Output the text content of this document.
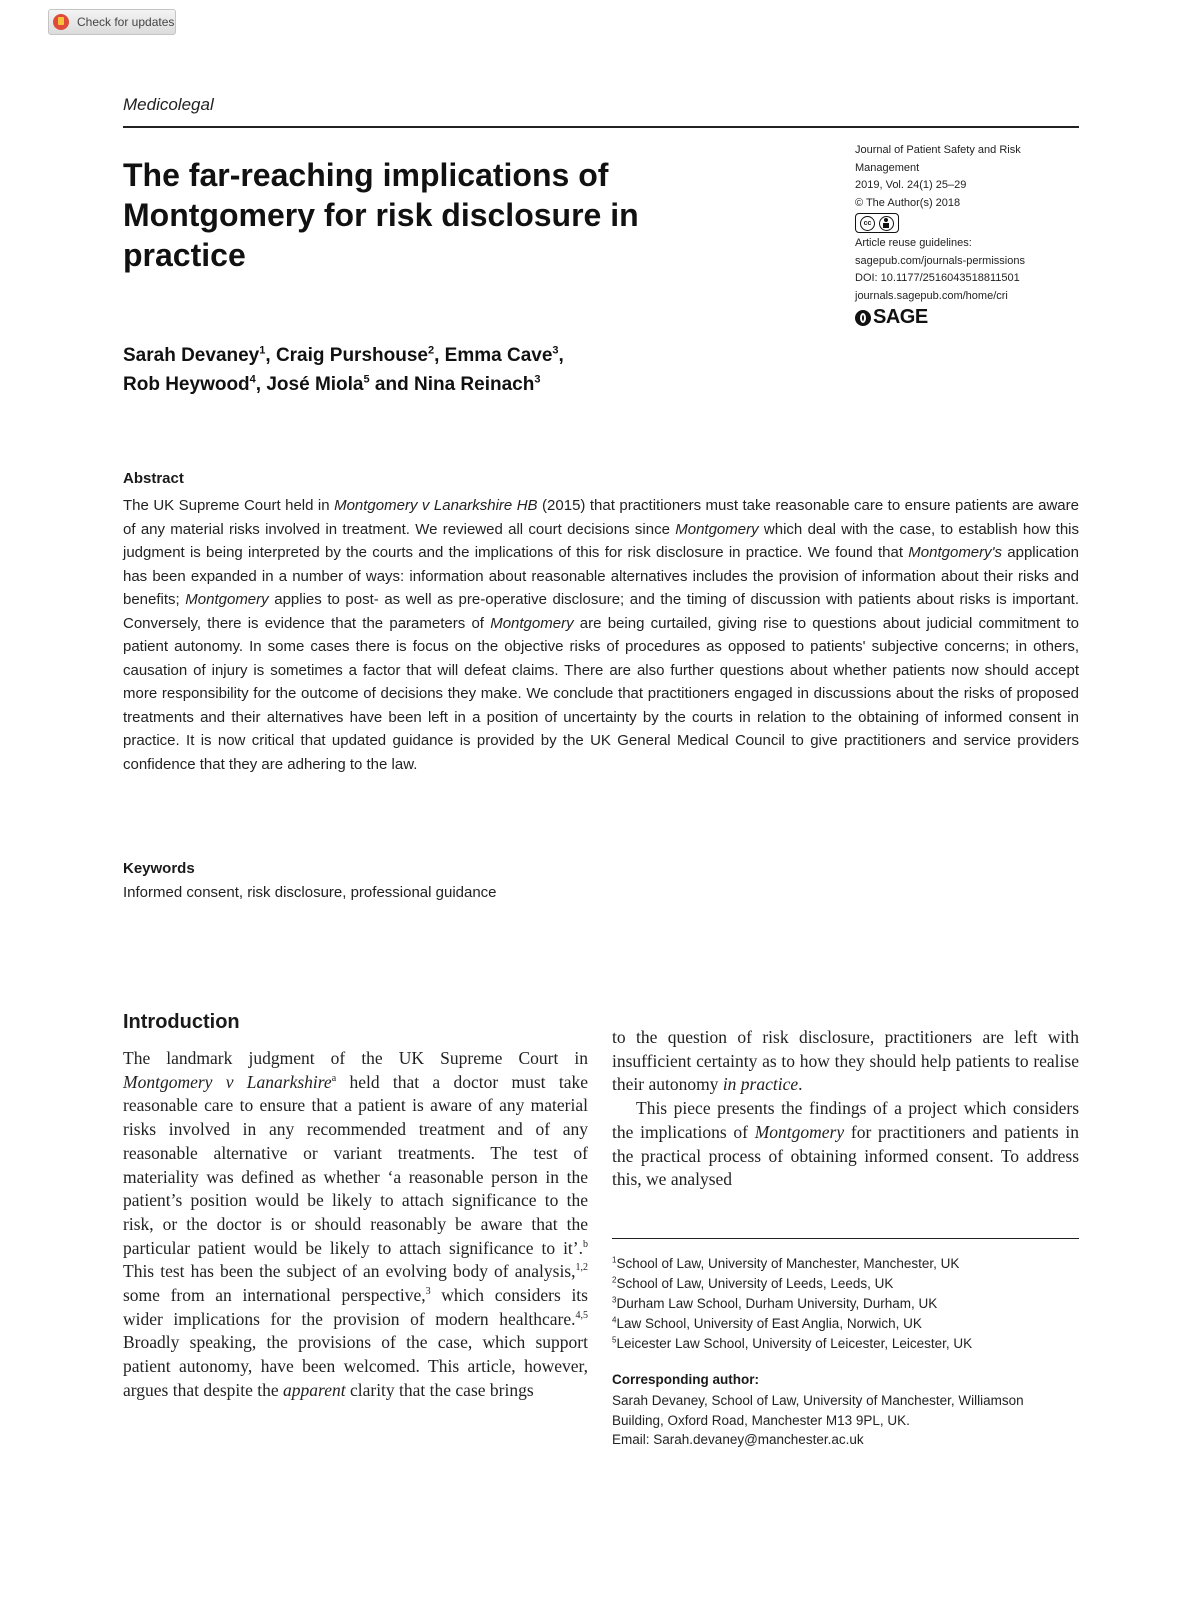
Check for updates
Medicolegal
The far-reaching implications of Montgomery for risk disclosure in practice
Journal of Patient Safety and Risk
Management
2019, Vol. 24(1) 25–29
© The Author(s) 2018
cc
Article reuse guidelines:
sagepub.com/journals-permissions
DOI: 10.1177/2516043518811501
journals.sagepub.com/home/cri
SAGE
Sarah Devaney$^1$, Craig Purshouse$^2$, Emma Cave$^3$,
Rob Heywood$^4$, José Miola$^5$ and Nina Reinach$^3$
Abstract
The UK Supreme Court held in Montgomery v Lanarkshire HB (2015) that practitioners must take reasonable care to ensure patients are aware of any material risks involved in treatment. We reviewed all court decisions since Montgomery which deal with the case, to establish how this judgment is being interpreted by the courts and the implications of this for risk disclosure in practice. We found that Montgomery's application has been expanded in a number of ways: information about reasonable alternatives includes the provision of information about their risks and benefits; Montgomery applies to post- as well as pre-operative disclosure; and the timing of discussion with patients about risks is important. Conversely, there is evidence that the parameters of Montgomery are being curtailed, giving rise to questions about judicial commitment to patient autonomy. In some cases there is focus on the objective risks of procedures as opposed to patients' subjective concerns; in others, causation of injury is sometimes a factor that will defeat claims. There are also further questions about whether patients now should accept more responsibility for the outcome of decisions they make. We conclude that practitioners engaged in discussions about the risks of proposed treatments and their alternatives have been left in a position of uncertainty by the courts in relation to the obtaining of informed consent in practice. It is now critical that updated guidance is provided by the UK General Medical Council to give practitioners and service providers confidence that they are adhering to the law.
Keywords
Informed consent, risk disclosure, professional guidance
Introduction

The landmark judgment of the UK Supreme Court in Montgomery v Lanarkshire$^a$ held that a doctor must take reasonable care to ensure that a patient is aware of any material risks involved in any recommended treatment and of any reasonable alternative or variant treatments. The test of materiality was defined as whether ‘a reasonable person in the patient’s position would be likely to attach significance to the risk, or the doctor is or should reasonably be aware that the particular patient would be likely to attach significance to it’.$^b$ This test has been the subject of an evolving body of analysis,$^{1,2}$ some from an international perspective,$^3$ which considers its wider implications for the provision of modern healthcare.$^{4,5}$ Broadly speaking, the provisions of the case, which support patient autonomy, have been welcomed. This article, however, argues that despite the apparent clarity that the case brings

to the question of risk disclosure, practitioners are left with insufficient certainty as to how they should help patients to realise their autonomy in practice.

This piece presents the findings of a project which considers the implications of Montgomery for practitioners and patients in the practical process of obtaining informed consent. To address this, we analysed

$^1$School of Law, University of Manchester, Manchester, UK
$^2$School of Law, University of Leeds, Leeds, UK
$^3$Durham Law School, Durham University, Durham, UK
$^4$Law School, University of East Anglia, Norwich, UK
$^5$Leicester Law School, University of Leicester, Leicester, UK
Corresponding author:
Sarah Devaney, School of Law, University of Manchester, Williamson
Building, Oxford Road, Manchester M13 9PL, UK.
Email: Sarah.devaney@manchester.ac.uk
